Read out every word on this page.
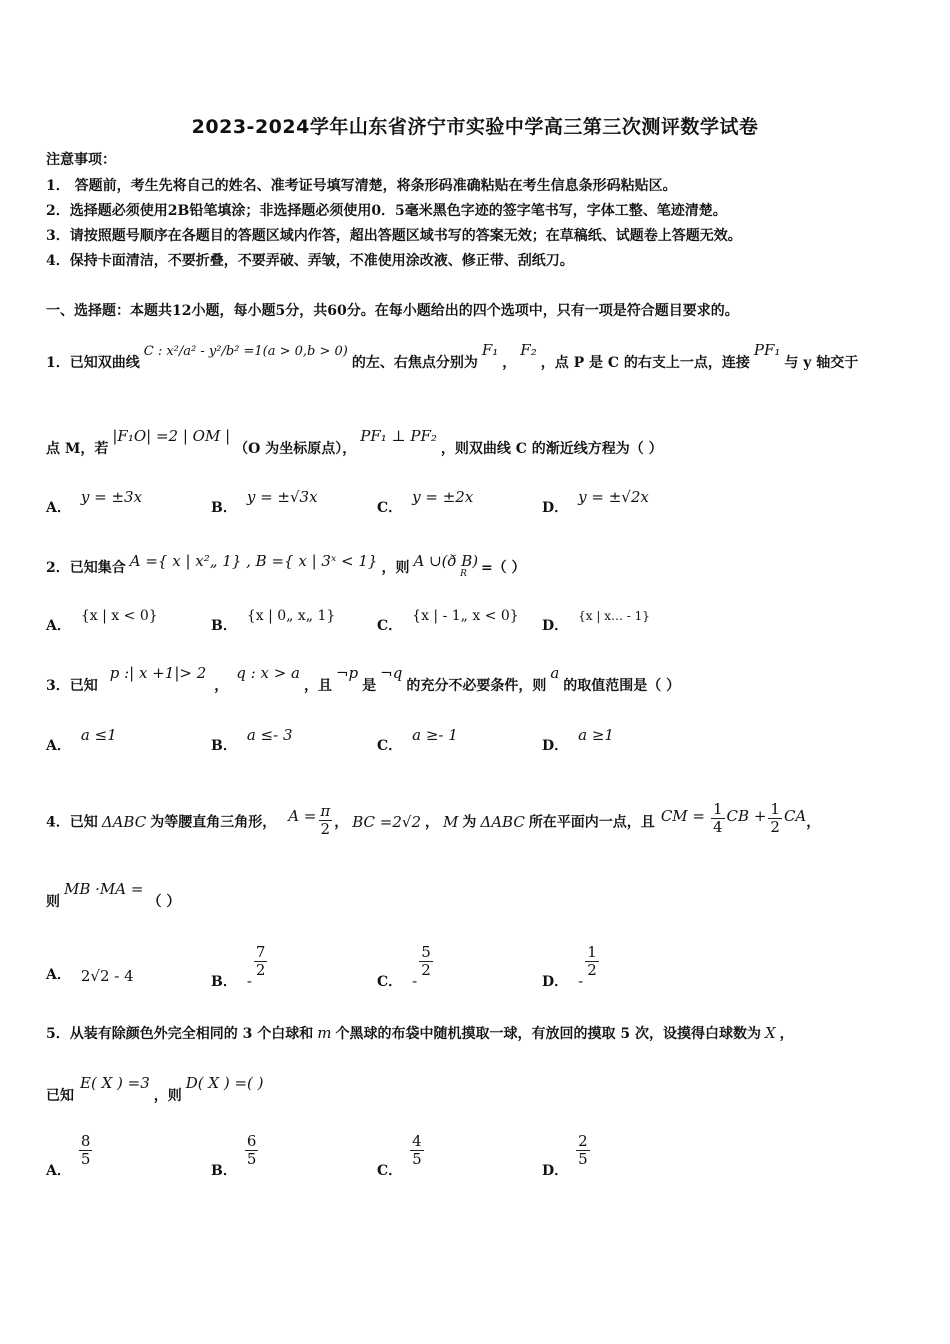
2023-2024学年山东省济宁市实验中学高三第三次测评数学试卷
注意事项：
1． 答题前，考生先将自己的姓名、准考证号填写清楚，将条形码准确粘贴在考生信息条形码粘贴区。
2．选择题必须使用2B铅笔填涂；非选择题必须使用0．5毫米黑色字迹的签字笔书写，字体工整、笔迹清楚。
3．请按照题号顺序在各题目的答题区域内作答，超出答题区域书写的答案无效；在草稿纸、试题卷上答题无效。
4．保持卡面清洁，不要折叠，不要弄破、弄皱，不准使用涂改液、修正带、刮纸刀。
一、选择题：本题共12小题，每小题5分，共60分。在每小题给出的四个选项中，只有一项是符合题目要求的。
1．已知双曲线C : x²/a² - y²/b² =1(a > 0,b > 0)的左、右焦点分别为F₁，F₂，点 P 是 C 的右支上一点，连接PF₁与 y 轴交于
点 M，若|F₁O| =2 | OM |（O 为坐标原点），PF₁ ⊥ PF₂，则双曲线 C 的渐近线方程为（ ）
A．y = ±3x
B．y = ±√3x
C．y = ±2x
D．y = ±√2x
2．已知集合 A ={ x | x²„ 1} , B ={ x | 3ˣ < 1} ，则 A ∪(ð $B)_R$ =（ ）
A．{x | x < 0}
B．{x | 0„ x„ 1}
C．{x | - 1„ x < 0}
D．{x | x… - 1}
3．已知p :| x +1|> 2，q : x > a，且¬p是¬q的充分不必要条件，则a的取值范围是（ ）
A．a ≤1
B．a ≤- 3
C．a ≥- 1
D．a ≥1
4．已知 ΔABC 为等腰直角三角形， $A = \frac{\pi}{2}$ ， BC =2√2 ， M 为 ΔABC 所在平面内一点，且 CM = $\frac{1}{4}$ CB + $\frac{1}{2}$ CA，
则MB ·MA =（ ）
A． 2√2 - 4	B． -
$\frac{7}{2}$
C． -
$\frac{5}{2}$
D． -
$\frac{1}{2}$
5．从装有除颜色外完全相同的 3 个白球和 m 个黑球的布袋中随机摸取一球，有放回的摸取 5 次，设摸得白球数为 X ，
已知E( X ) =3，则D( X ) =( )
A．
$\frac{8}{5}$
B．
$\frac{6}{5}$
C．
$\frac{4}{5}$
D．
$\frac{2}{5}$
